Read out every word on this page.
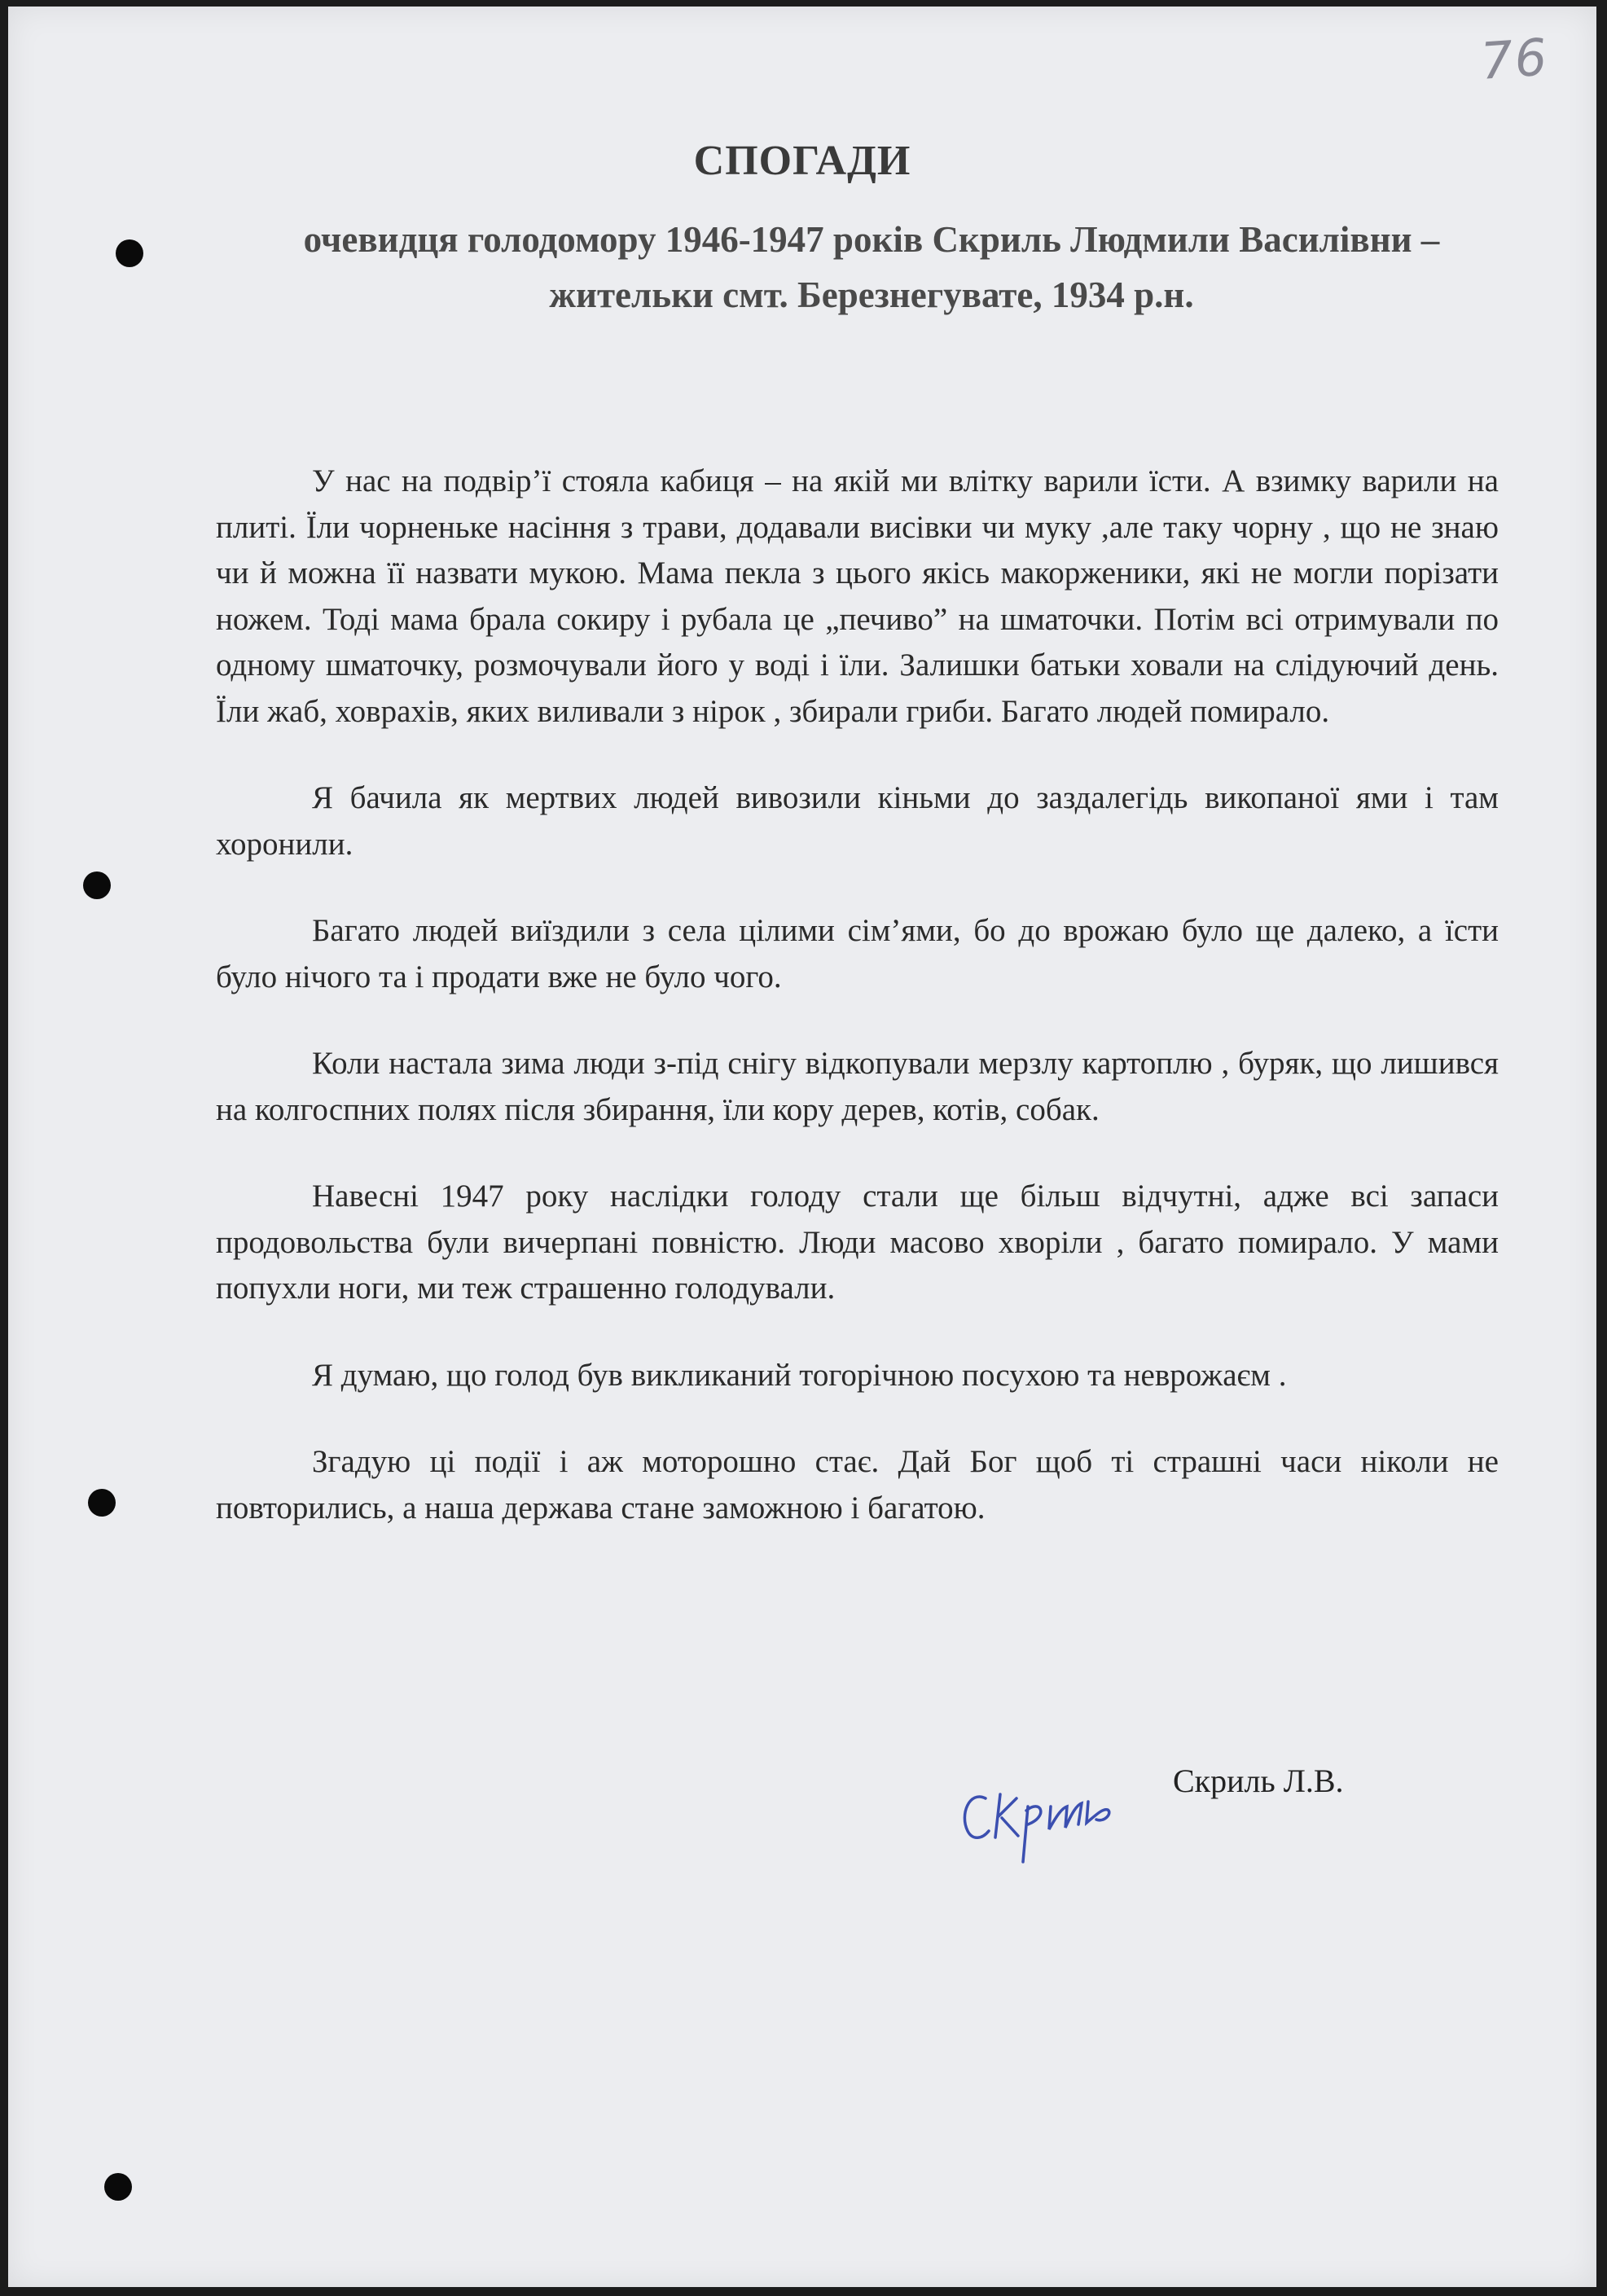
76
СПОГАДИ
очевидця голодомору 1946-1947 років Скриль Людмили Василівни – жительки смт. Березнегувате, 1934 р.н.

У нас на подвір’ї стояла кабиця – на якій ми влітку варили їсти. А взимку варили на плиті. Їли чорненьке насіння з трави, додавали висівки чи муку ,але таку чорну , що не знаю чи й можна її назвати мукою. Мама пекла з цього якісь макорженики, які не могли порізати ножем. Тоді мама брала сокиру і рубала це „печиво” на шматочки. Потім всі отримували по одному шматочку, розмочували його у воді і їли. Залишки батьки ховали на слідуючий день. Їли жаб, ховрахів, яких виливали з нірок , збирали гриби. Багато людей помирало.

Я бачила як мертвих людей вивозили кіньми до заздалегідь викопаної ями і там хоронили.

Багато людей виїздили з села цілими сім’ями, бо до врожаю було ще далеко, а їсти було нічого та і продати вже не було чого.

Коли настала зима люди з-під снігу відкопували мерзлу картоплю , буряк, що лишився на колгоспних полях після збирання, їли кору дерев, котів, собак.

Навесні 1947 року наслідки голоду стали ще більш відчутні, адже всі запаси продовольства були вичерпані повністю. Люди масово хворіли , багато помирало. У мами попухли ноги, ми теж страшенно голодували.

Я думаю, що голод був викликаний тогорічною посухою та неврожаєм .

Згадую ці події і аж моторошно стає. Дай Бог щоб ті страшні часи ніколи не повторились, а наша держава стане заможною і багатою.

Скриль Л.В.
